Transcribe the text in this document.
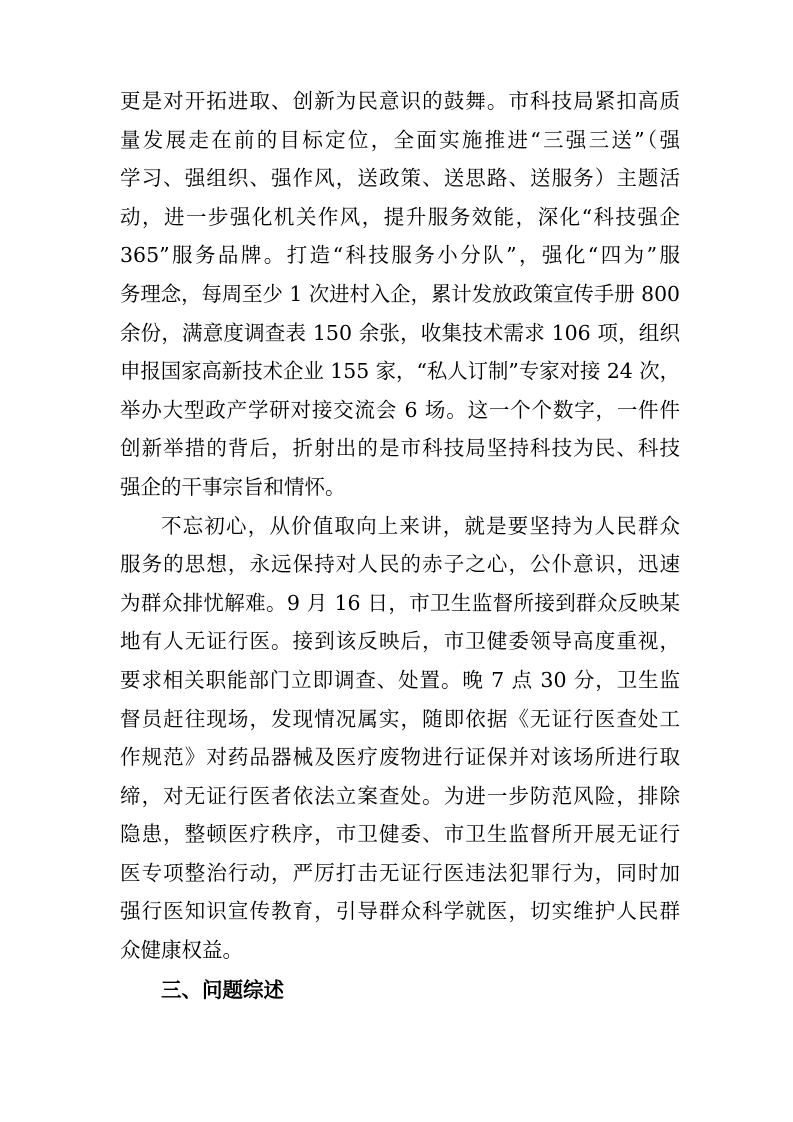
更是对开拓进取、创新为民意识的鼓舞。市科技局紧扣高质
量发展走在前的目标定位，全面实施推进“三强三送”（强
学习、强组织、强作风，送政策、送思路、送服务）主题活
动，进一步强化机关作风，提升服务效能，深化“科技强企
365”服务品牌。打造“科技服务小分队”，强化“四为”服
务理念，每周至少 1 次进村入企，累计发放政策宣传手册 800
余份，满意度调查表 150 余张，收集技术需求 106 项，组织
申报国家高新技术企业 155 家，“私人订制”专家对接 24 次，
举办大型政产学研对接交流会 6 场。这一个个数字，一件件
创新举措的背后，折射出的是市科技局坚持科技为民、科技
强企的干事宗旨和情怀。
不忘初心，从价值取向上来讲，就是要坚持为人民群众
服务的思想，永远保持对人民的赤子之心，公仆意识，迅速
为群众排忧解难。9 月 16 日，市卫生监督所接到群众反映某
地有人无证行医。接到该反映后，市卫健委领导高度重视，
要求相关职能部门立即调查、处置。晚 7 点 30 分，卫生监
督员赶往现场，发现情况属实，随即依据《无证行医查处工
作规范》对药品器械及医疗废物进行证保并对该场所进行取
缔，对无证行医者依法立案查处。为进一步防范风险，排除
隐患，整顿医疗秩序，市卫健委、市卫生监督所开展无证行
医专项整治行动，严厉打击无证行医违法犯罪行为，同时加
强行医知识宣传教育，引导群众科学就医，切实维护人民群
众健康权益。
三、问题综述
